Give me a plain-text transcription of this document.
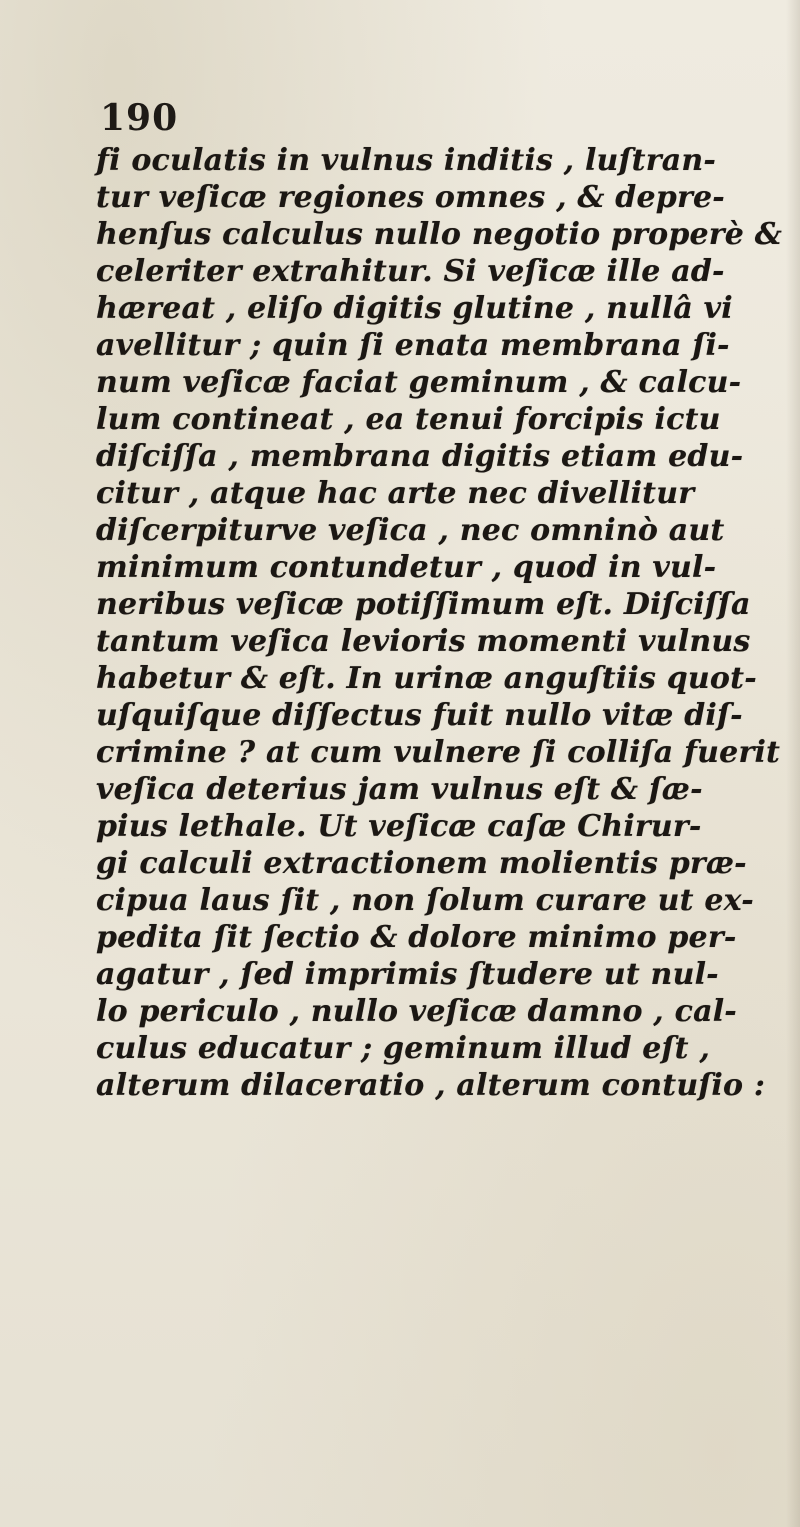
190
fi oculatis in vulnus inditis , luſtran-
tur veſicæ regiones omnes , & depre-
henſus calculus nullo negotio properè &
celeriter extrahitur. Si veſicæ ille ad-
hæreat , eliſo digitis glutine , nullâ vi
avellitur ; quin ſi enata membrana ſi-
num veſicæ faciat geminum , & calcu-
lum contineat , ea tenui forcipis ictu
diſciſſa , membrana digitis etiam edu-
citur , atque hac arte nec divellitur
diſcerpiturve veſica , nec omninò aut
minimum contundetur , quod in vul-
neribus veſicæ potiſſimum eſt. Diſciſſa
tantum veſica levioris momenti vulnus
habetur & eſt. In urinæ anguſtiis quot-
uſquiſque diſſectus fuit nullo vitæ diſ-
crimine ? at cum vulnere ſi colliſa fuerit
veſica deterius jam vulnus eſt & ſæ-
pius lethale. Ut veſicæ caſæ Chirur-
gi calculi extractionem molientis præ-
cipua laus ſit , non ſolum curare ut ex-
pedita ſit ſectio & dolore minimo per-
agatur , ſed imprimis ſtudere ut nul-
lo periculo , nullo veſicæ damno , cal-
culus educatur ; geminum illud eſt ,
alterum dilaceratio , alterum contuſio :
